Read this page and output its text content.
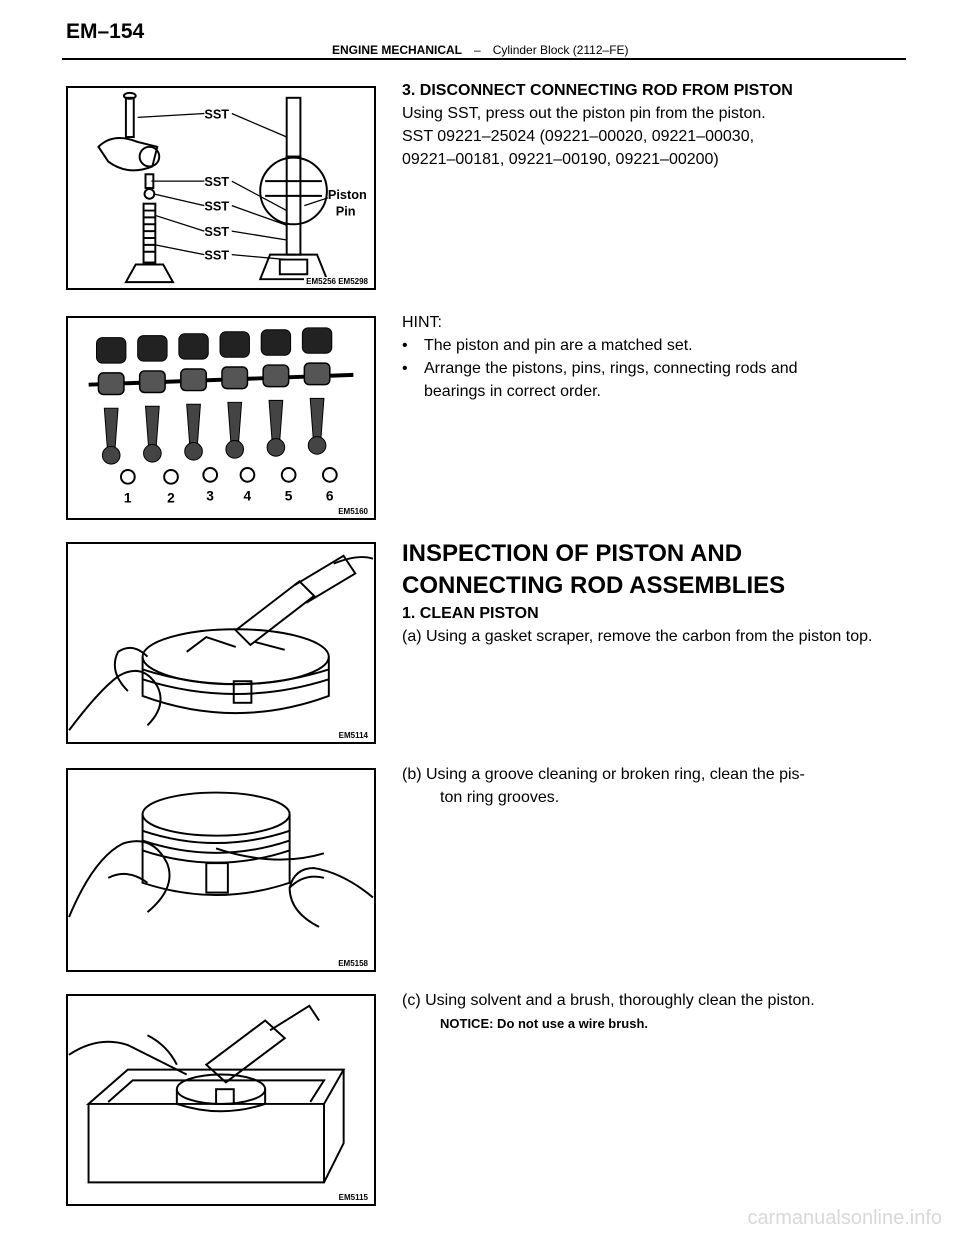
EM–154
ENGINE MECHANICAL – Cylinder Block (2112–FE)
SST
SST
SST
SST
SST
Piston
Pin
EM5256 EM5298
1	2 3 4 5 6
EM5160
EM5114
EM5158
EM5115
3. DISCONNECT CONNECTING ROD FROM PISTON
Using SST, press out the piston pin from the piston.
SST 09221–25024 (09221–00020, 09221–00030,
09221–00181, 09221–00190, 09221–00200)
HINT:
• The piston and pin are a matched set.
• Arrange the pistons, pins, rings, connecting rods and
bearings in correct order.
INSPECTION OF PISTON AND
CONNECTING ROD ASSEMBLIES
1. CLEAN PISTON
(a) Using a gasket scraper, remove the carbon from the piston top.
(b) Using a groove cleaning or broken ring, clean the pis-
ton ring grooves.
(c) Using solvent and a brush, thoroughly clean the piston.
NOTICE: Do not use a wire brush.
carmanualsonline.info
